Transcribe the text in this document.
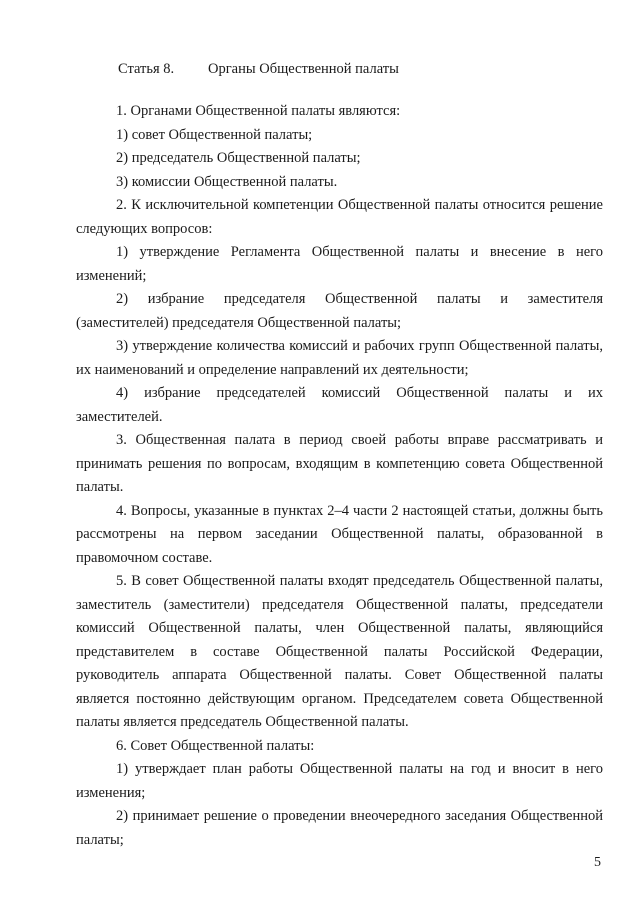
Статья 8. Органы Общественной палаты

1. Органами Общественной палаты являются:

1) совет Общественной палаты;

2) председатель Общественной палаты;

3) комиссии Общественной палаты.

2. К исключительной компетенции Общественной палаты относится решение следующих вопросов:

1) утверждение Регламента Общественной палаты и внесение в него изменений;

2) избрание председателя Общественной палаты и заместителя (заместителей) председателя Общественной палаты;

3) утверждение количества комиссий и рабочих групп Общественной палаты, их наименований и определение направлений их деятельности;

4) избрание председателей комиссий Общественной палаты и их заместителей.

3. Общественная палата в период своей работы вправе рассматривать и принимать решения по вопросам, входящим в компетенцию совета Общественной палаты.

4. Вопросы, указанные в пунктах 2–4 части 2 настоящей статьи, должны быть рассмотрены на первом заседании Общественной палаты, образованной в правомочном составе.

5. В совет Общественной палаты входят председатель Общественной палаты, заместитель (заместители) председателя Общественной палаты, председатели комиссий Общественной палаты, член Общественной палаты, являющийся представителем в составе Общественной палаты Российской Федерации, руководитель аппарата Общественной палаты. Совет Общественной палаты является постоянно действующим органом. Председателем совета Общественной палаты является председатель Общественной палаты.

6. Совет Общественной палаты:

1) утверждает план работы Общественной палаты на год и вносит в него изменения;

2) принимает решение о проведении внеочередного заседания Общественной палаты;

5
